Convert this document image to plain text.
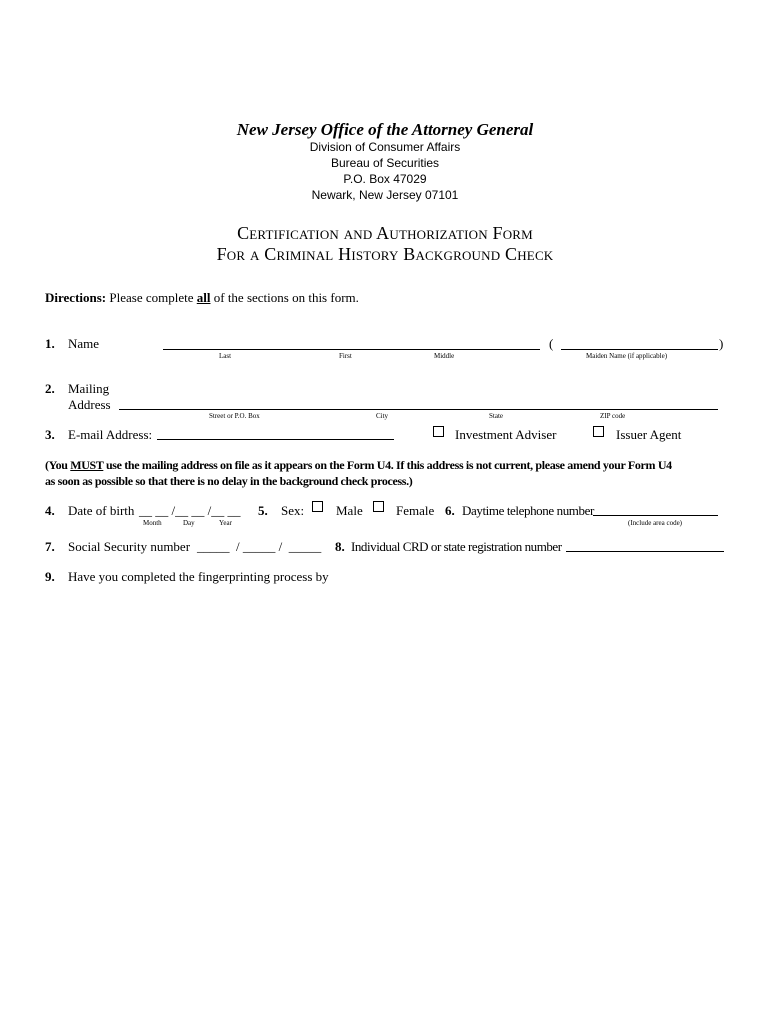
New Jersey Office of the Attorney General
Division of Consumer Affairs
Bureau of Securities
P.O. Box 47029
Newark, New Jersey 07101
Certification and Authorization Form
For a Criminal History Background Check
Directions: Please complete all of the sections on this form.
1. Name	(	)
Last	First	Middle	Maiden Name (if applicable)
2. Mailing
Address
Street or P.O. Box	City	State	ZIP code
3. E-mail Address:	Investment Adviser	Issuer Agent
(You MUST use the mailing address on file as it appears on the Form U4. If this address is not current, please amend your Form U4
as soon as possible so that there is no delay in the background check process.)
4. Date of birth __ __ /__ __ /__ __
Month	Day	Year
5. Sex: Male	Female 6. Daytime telephone number
(Include area code)
7. Social Security number _____  / _____ /  _____ 8. Individual CRD or state registration number
9. Have you completed the fingerprinting process by
